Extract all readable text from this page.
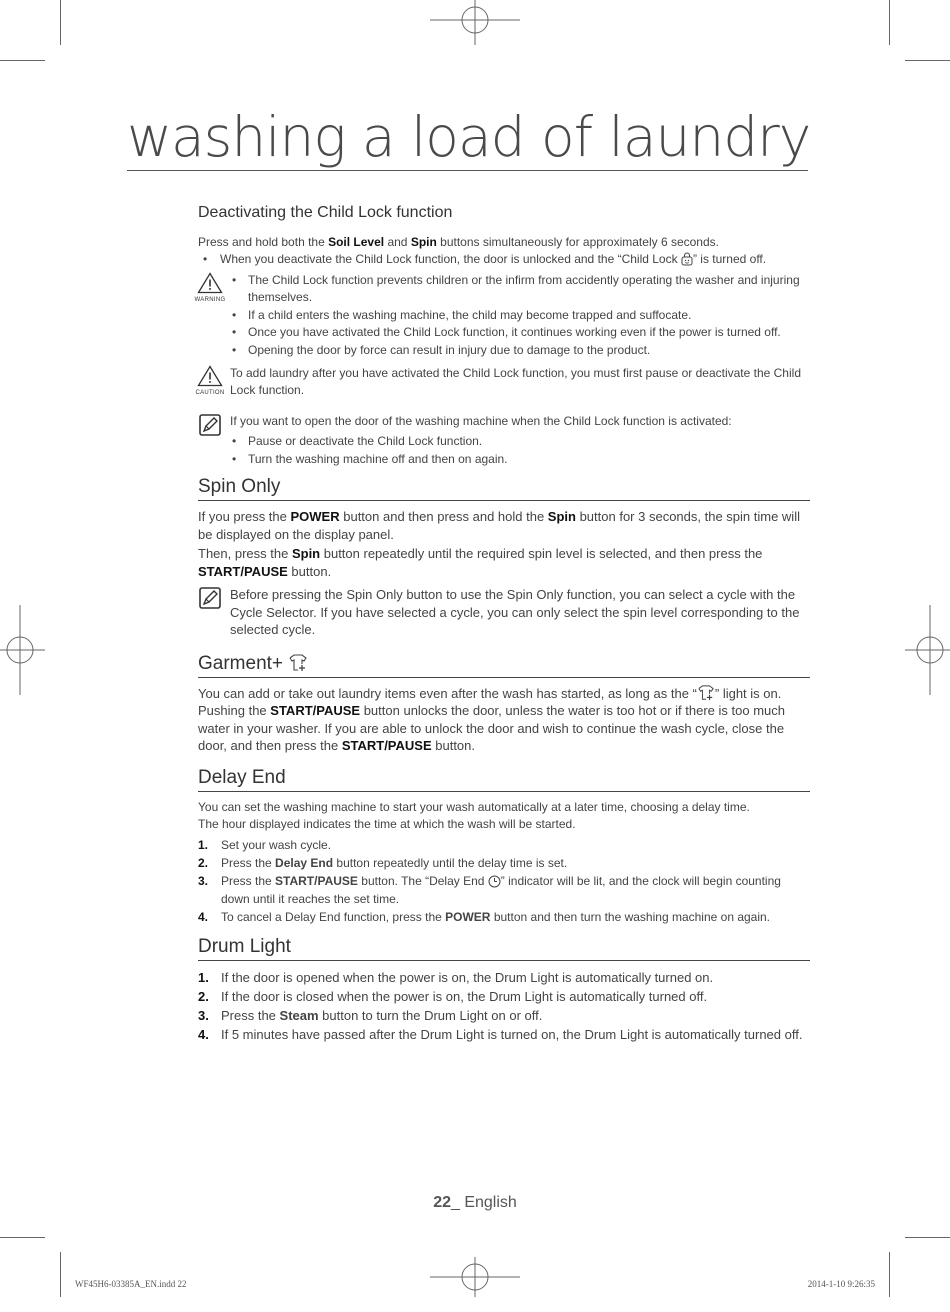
washing a load of laundry
Deactivating the Child Lock function
Press and hold both the Soil Level and Spin buttons simultaneously for approximately 6 seconds.
• When you deactivate the Child Lock function, the door is unlocked and the “Child Lock ” is turned off.
WARNING
• The Child Lock function prevents children or the infirm from accidently operating the washer and injuring themselves.
• If a child enters the washing machine, the child may become trapped and suffocate.
• Once you have activated the Child Lock function, it continues working even if the power is turned off.
• Opening the door by force can result in injury due to damage to the product.
CAUTION
To add laundry after you have activated the Child Lock function, you must first pause or deactivate the Child Lock function.
If you want to open the door of the washing machine when the Child Lock function is activated:
• Pause or deactivate the Child Lock function.
• Turn the washing machine off and then on again.
Spin Only
If you press the POWER button and then press and hold the Spin button for 3 seconds, the spin time will be displayed on the display panel.
Then, press the Spin button repeatedly until the required spin level is selected, and then press the START/PAUSE button.
Before pressing the Spin Only button to use the Spin Only function, you can select a cycle with the Cycle Selector. If you have selected a cycle, you can only select the spin level corresponding to the selected cycle.
Garment+
You can add or take out laundry items even after the wash has started, as long as the “ ” light is on. Pushing the START/PAUSE button unlocks the door, unless the water is too hot or if there is too much water in your washer. If you are able to unlock the door and wish to continue the wash cycle, close the door, and then press the START/PAUSE button.
Delay End
You can set the washing machine to start your wash automatically at a later time, choosing a delay time.
The hour displayed indicates the time at which the wash will be started.
1. Set your wash cycle.
2. Press the Delay End button repeatedly until the delay time is set.
3. Press the START/PAUSE button. The “Delay End ” indicator will be lit, and the clock will begin counting down until it reaches the set time.
4. To cancel a Delay End function, press the POWER button and then turn the washing machine on again.
Drum Light
1. If the door is opened when the power is on, the Drum Light is automatically turned on.
2. If the door is closed when the power is on, the Drum Light is automatically turned off.
3. Press the Steam button to turn the Drum Light on or off.
4. If 5 minutes have passed after the Drum Light is turned on, the Drum Light is automatically turned off.
22_ English
WF45H6-03385A_EN.indd 22	2014-1-10 9:26:35
